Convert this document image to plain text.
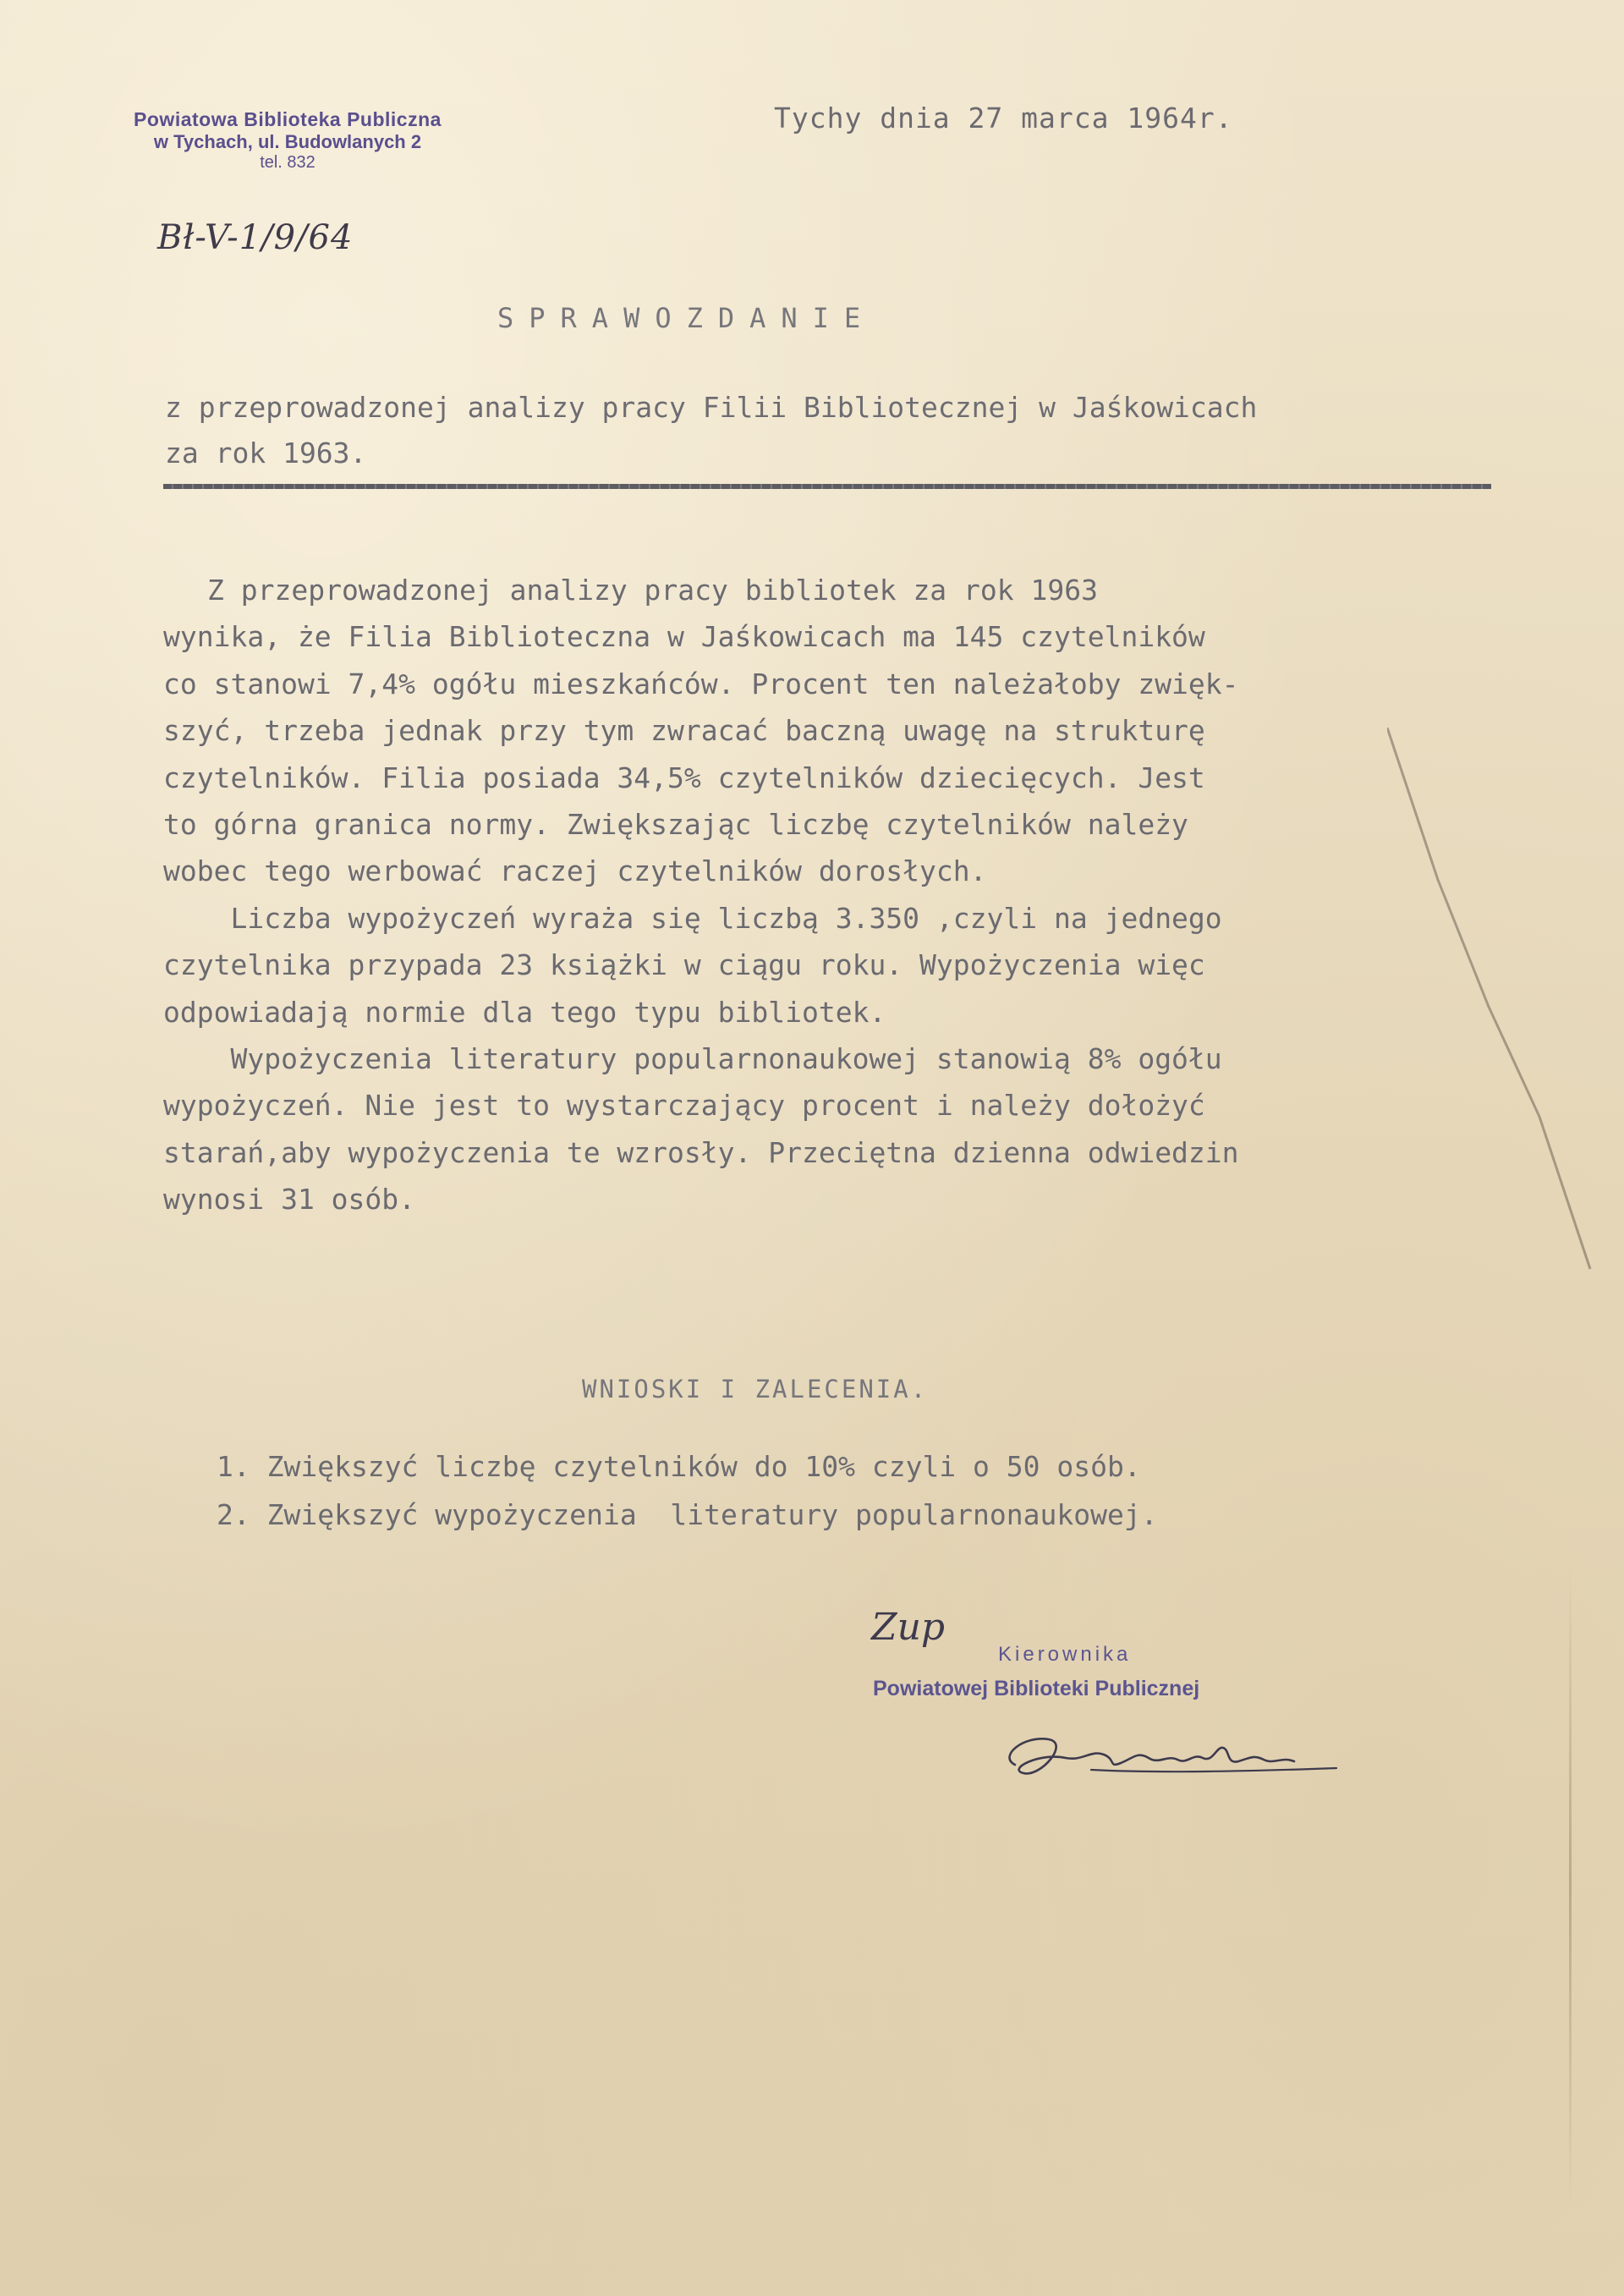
Powiatowa Biblioteka Publiczna
w Tychach, ul. Budowlanych 2
tel. 832
Bł-V-1/9/64
Tychy dnia 27 marca 1964r.
SPRAWOZDANIE
z przeprowadzonej analizy pracy Filii Bibliotecznej w Jaśkowicach
za rok 1963.

Z przeprowadzonej analizy pracy bibliotek za rok 1963

wynika, że Filia Biblioteczna w Jaśkowicach ma 145 czytelników

co stanowi 7,4% ogółu mieszkańców. Procent ten należałoby zwięk-

szyć, trzeba jednak przy tym zwracać baczną uwagę na strukturę

czytelników. Filia posiada 34,5% czytelników dziecięcych. Jest

to górna granica normy. Zwiększając liczbę czytelników należy

wobec tego werbować raczej czytelników dorosłych.

Liczba wypożyczeń wyraża się liczbą 3.350 ,czyli na jednego

czytelnika przypada 23 książki w ciągu roku. Wypożyczenia więc

odpowiadają normie dla tego typu bibliotek.

Wypożyczenia literatury popularnonaukowej stanowią 8% ogółu

wypożyczeń. Nie jest to wystarczający procent i należy dołożyć

starań,aby wypożyczenia te wzrosły. Przeciętna dzienna odwiedzin

wynosi 31 osób.

WNIOSKI I ZALECENIA.
1. Zwiększyć liczbę czytelników do 10% czyli o 50 osób.
2. Zwiększyć wypożyczenia  literatury popularnonaukowej.
Zup
Kierownika
Powiatowej Biblioteki Publicznej
